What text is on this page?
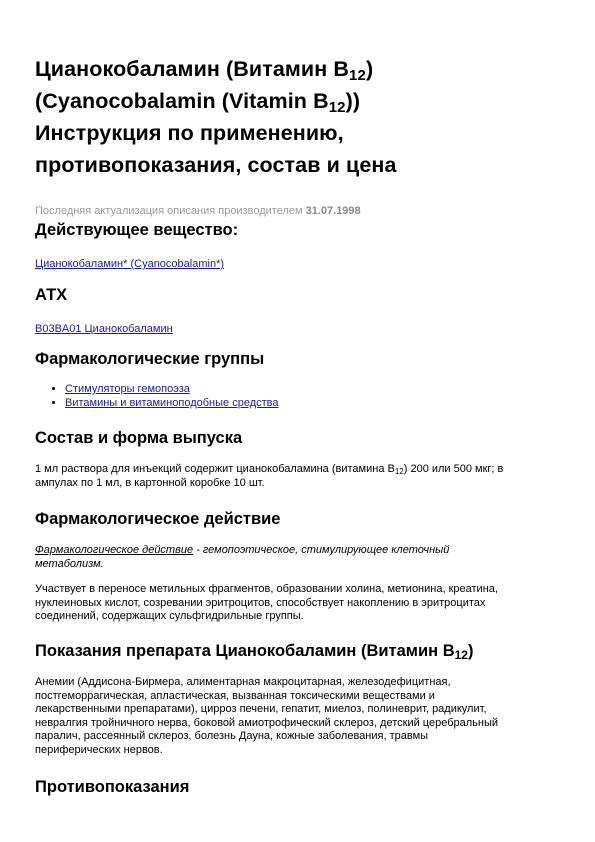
Цианокобаламин (Витамин $В_{12}$)
(Cyanocobalamin (Vitamin $B_{12}$))
Инструкция по применению,
противопоказания, состав и цена
Последняя актуализация описания производителем 31.07.1998
Действующее вещество:
Цианокобаламин* (Cyanocobalamin*)
АТХ
B03BA01 Цианокобаламин
Фармакологические группы
• Стимуляторы гемопоэза
• Витамины и витаминоподобные средства
Состав и форма выпуска

1 мл раствора для инъекций содержит цианокобаламина (витамина $B_{12}$) 200 или 500 мкг; в
ампулах по 1 мл, в картонной коробке 10 шт.

Фармакологическое действие

Фармакологическое действие - гемопоэтическое, стимулирующее клеточный
метаболизм.

Участвует в переносе метильных фрагментов, образовании холина, метионина, креатина,
нуклеиновых кислот, созревании эритроцитов, способствует накоплению в эритроцитах
соединений, содержащих сульфгидрильные группы.

Показания препарата Цианокобаламин (Витамин $В_{12}$)

Анемии (Аддисона-Бирмера, алиментарная макроцитарная, железодефицитная,
постгеморрагическая, апластическая, вызванная токсическими веществами и
лекарственными препаратами), цирроз печени, гепатит, миелоз, полиневрит, радикулит,
невралгия тройничного нерва, боковой амиотрофический склероз, детский церебральный
паралич, рассеянный склероз, болезнь Дауна, кожные заболевания, травмы
периферических нервов.

Противопоказания
